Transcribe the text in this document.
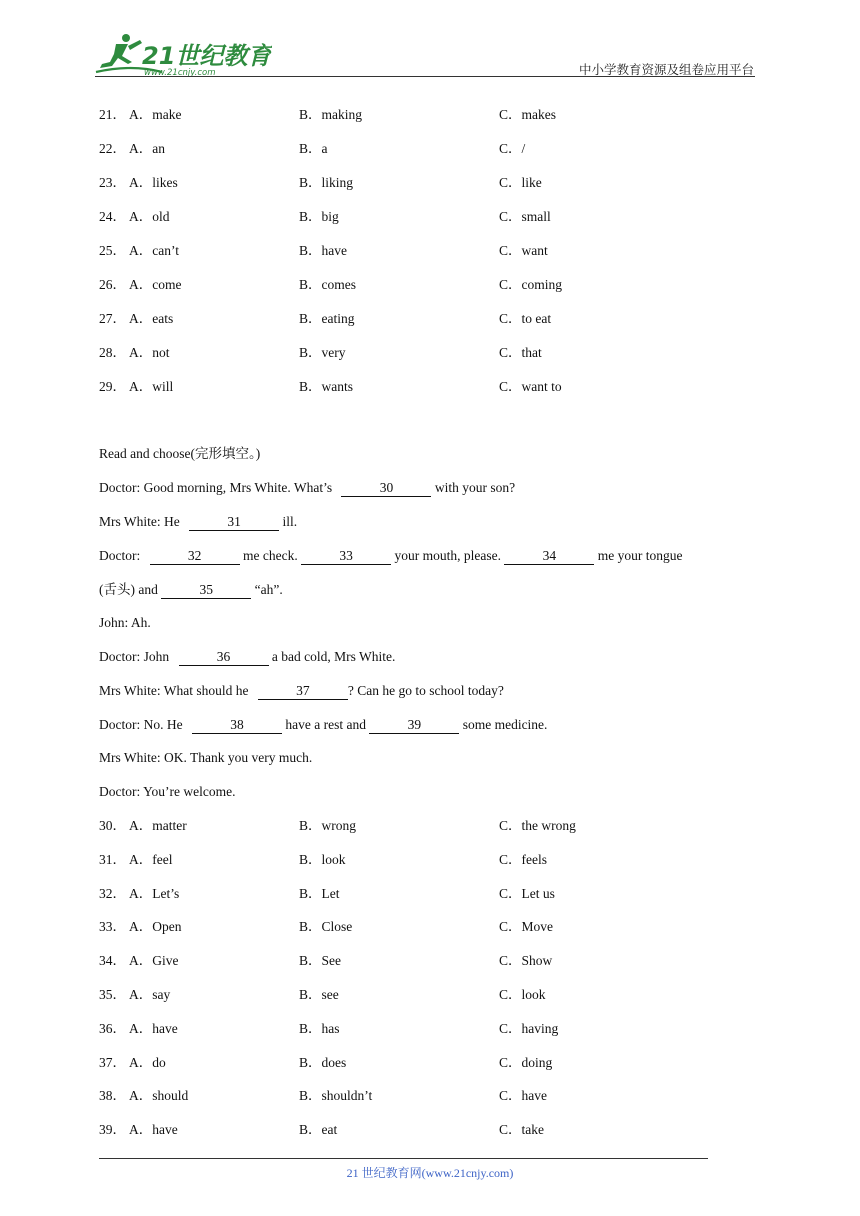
21世纪教育
www.21cnjy.com	中小学教育资源及组卷应用平台
21． A．make	B．making	C．makes
22． A．an	B．a	C．/
23． A．likes	B．liking	C．like
24． A．old	B．big	C．small
25． A．can’t	B．have	C．want
26． A．come	B．comes	C．coming
27． A．eats	B．eating	C．to eat
28． A．not	B．very	C．that
29． A．will	B．wants	C．want to
Read and choose(完形填空。)
Doctor: Good morning, Mrs White. What’s	30	with your son?
Mrs White: He	31	ill.
Doctor:	32	me check.	33	your mouth, please.	34	me your tongue
(舌头) and	35	“ah”.
John: Ah.
Doctor: John	36	a bad cold, Mrs White.
Mrs White: What should he	37	? Can he go to school today?
Doctor: No. He	38	have a rest and	39	some medicine.
Mrs White: OK. Thank you very much.
Doctor: You’re welcome.
30． A．matter	B．wrong	C．the wrong
31． A．feel	B．look	C．feels
32． A．Let’s	B．Let	C．Let us
33． A．Open	B．Close	C．Move
34． A．Give	B．See	C．Show
35． A．say	B．see	C．look
36． A．have	B．has	C．having
37． A．do	B．does	C．doing
38． A．should	B．shouldn’t	C．have
39． A．have	B．eat	C．take
21 世纪教育网(www.21cnjy.com)
